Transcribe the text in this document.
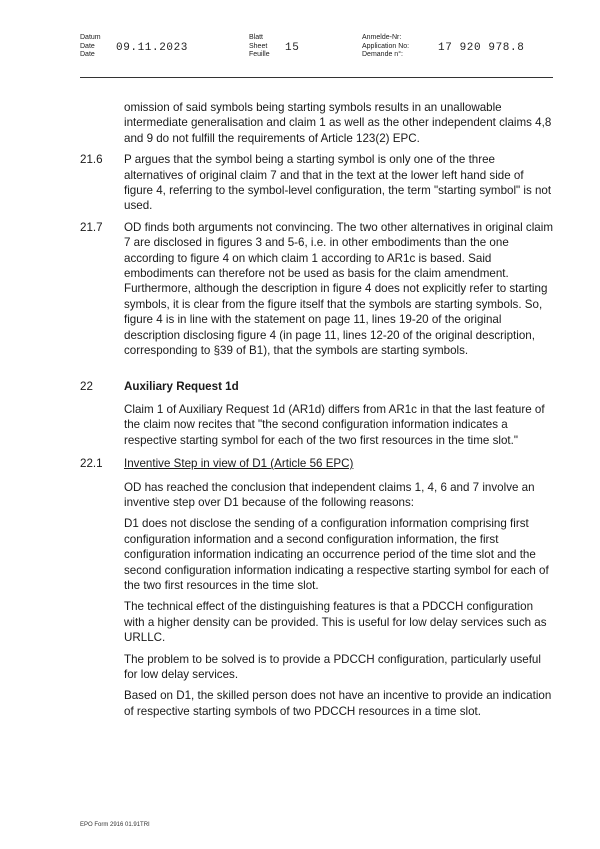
Datum
Date
Date
09.11.2023
Blatt
Sheet
Feuille
15
Anmelde-Nr:
Application No:
Demande n°:
17 920 978.8

omission of said symbols being starting symbols results in an unallowable intermediate generalisation and claim 1 as well as the other independent claims 4,8 and 9 do not fulfill the requirements of Article 123(2) EPC.

21.6 P argues that the symbol being a starting symbol is only one of the three alternatives of original claim 7 and that in the text at the lower left hand side of figure 4, referring to the symbol-level configuration, the term "starting symbol" is not used.

21.7 OD finds both arguments not convincing. The two other alternatives in original claim 7 are disclosed in figures 3 and 5-6, i.e. in other embodiments than the one according to figure 4 on which claim 1 according to AR1c is based. Said embodiments can therefore not be used as basis for the claim amendment. Furthermore, although the description in figure 4 does not explicitly refer to starting symbols, it is clear from the figure itself that the symbols are starting symbols. So, figure 4 is in line with the statement on page 11, lines 19-20 of the original description disclosing figure 4 (in page 11, lines 12-20 of the original description, corresponding to §39 of B1), that the symbols are starting symbols.

22	Auxiliary Request 1d

Claim 1 of Auxiliary Request 1d (AR1d) differs from AR1c in that the last feature of the claim now recites that "the second configuration information indicates a respective starting symbol for each of the two first resources in the time slot."

22.1 Inventive Step in view of D1 (Article 56 EPC)

OD has reached the conclusion that independent claims 1, 4, 6 and 7 involve an inventive step over D1 because of the following reasons:

D1 does not disclose the sending of a configuration information comprising first configuration information and a second configuration information, the first configuration information indicating an occurrence period of the time slot and the second configuration information indicating a respective starting symbol for each of the two first resources in the time slot.

The technical effect of the distinguishing features is that a PDCCH configuration with a higher density can be provided. This is useful for low delay services such as URLLC.

The problem to be solved is to provide a PDCCH configuration, particularly useful for low delay services.

Based on D1, the skilled person does not have an incentive to provide an indication of respective starting symbols of two PDCCH resources in a time slot.

EPO Form 2916 01.91TRI
